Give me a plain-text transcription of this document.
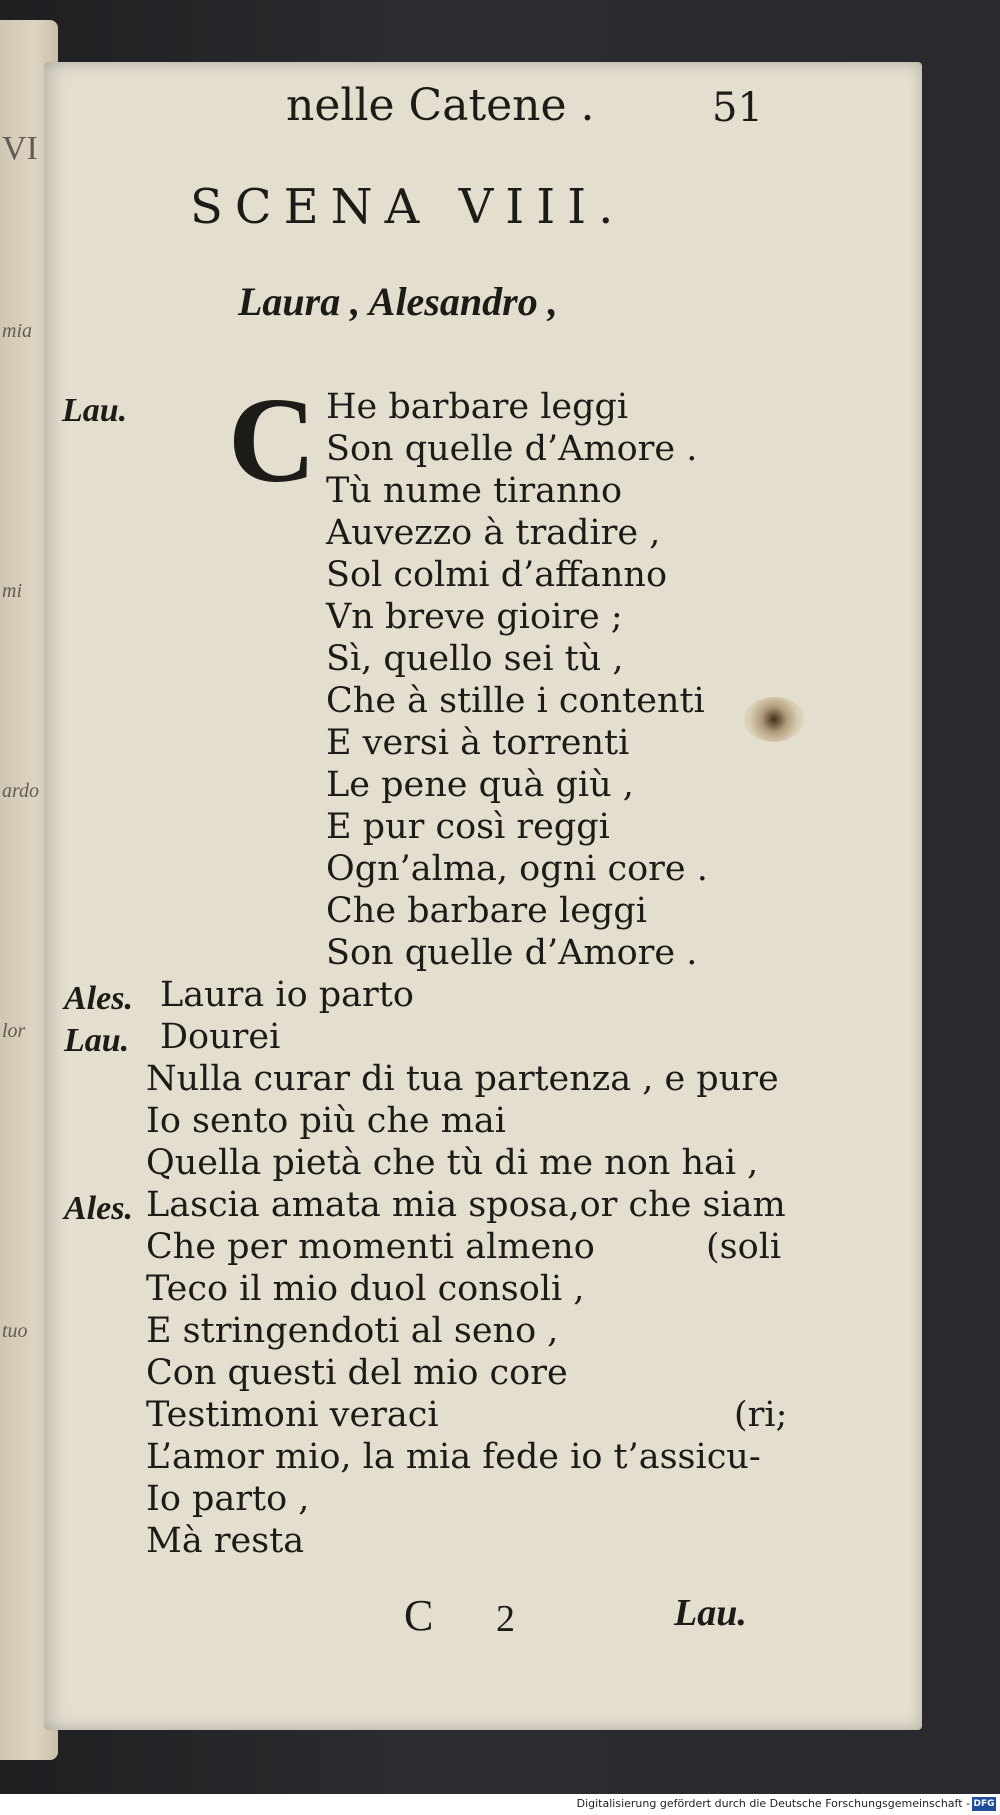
VI
mia
mi
ardo
lor
tuo
nelle Catene .	51
SCENA VIII.
Laura , Alesandro ,
C
Lau.	He barbare leggi
Son quelle d’Amore .
Tù nume tiranno
Auvezzo à tradire ,
Sol colmi d’affanno
Vn breve gioire ;
Sì, quello sei tù ,
Che à stille i contenti
E versi à torrenti
Le pene quà giù ,
E pur così reggi
Ogn’alma, ogni core .
Che barbare leggi
Son quelle d’Amore .
Ales. Laura io parto
Lau. Dourei
Nulla curar di tua partenza , e pure
Io sento più che mai
Quella pietà che tù di me non hai ,
Ales. Lascia amata mia sposa,or che siam
Che per momenti almeno	(soli
Teco il mio duol consoli ,
E stringendoti al seno ,
Con questi del mio core
Testimoni veraci	(ri;
L’amor mio, la mia fede io t’assicu-
Io parto ,
Mà resta
C 2	Lau.
Digitalisierung gefördert durch die Deutsche Forschungsgemeinschaft - DFG
